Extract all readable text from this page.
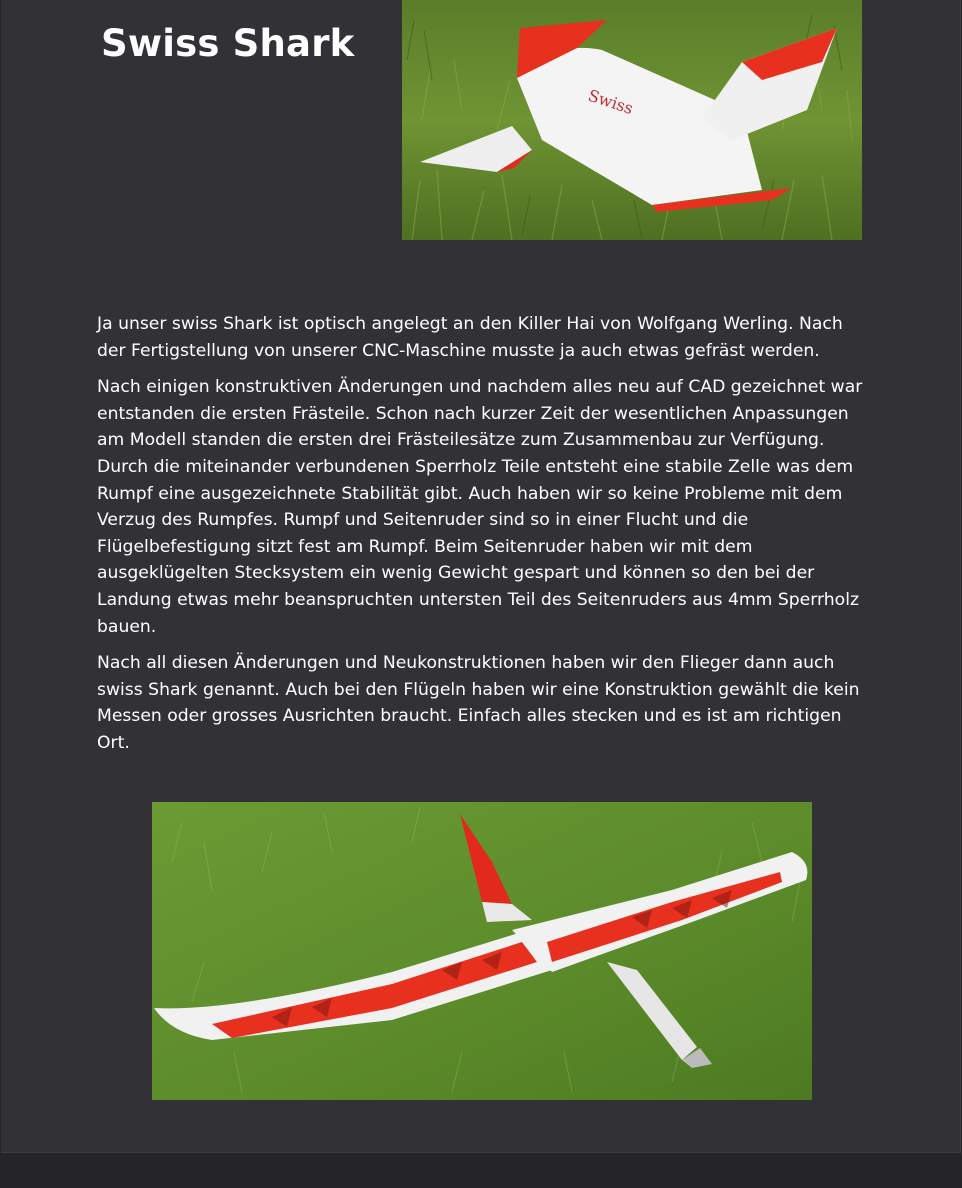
Swiss Shark
Swiss

Ja unser swiss Shark ist optisch angelegt an den Killer Hai von Wolfgang Werling. Nach der Fertigstellung von unserer CNC-Maschine musste ja auch etwas gefräst werden.

Nach einigen konstruktiven Änderungen und nachdem alles neu auf CAD gezeichnet war entstanden die ersten Frästeile. Schon nach kurzer Zeit der wesentlichen Anpassungen am Modell standen die ersten drei Frästeilesätze zum Zusammenbau zur Verfügung. Durch die miteinander verbundenen Sperrholz Teile entsteht eine stabile Zelle was dem Rumpf eine ausgezeichnete Stabilität gibt. Auch haben wir so keine Probleme mit dem Verzug des Rumpfes. Rumpf und Seitenruder sind so in einer Flucht und die Flügelbefestigung sitzt fest am Rumpf. Beim Seitenruder haben wir mit dem ausgeklügelten Stecksystem ein wenig Gewicht gespart und können so den bei der Landung etwas mehr beanspruchten untersten Teil des Seitenruders aus 4mm Sperrholz bauen.

Nach all diesen Änderungen und Neukonstruktionen haben wir den Flieger dann auch swiss Shark genannt. Auch bei den Flügeln haben wir eine Konstruktion gewählt die kein Messen oder grosses Ausrichten braucht. Einfach alles stecken und es ist am richtigen Ort.
